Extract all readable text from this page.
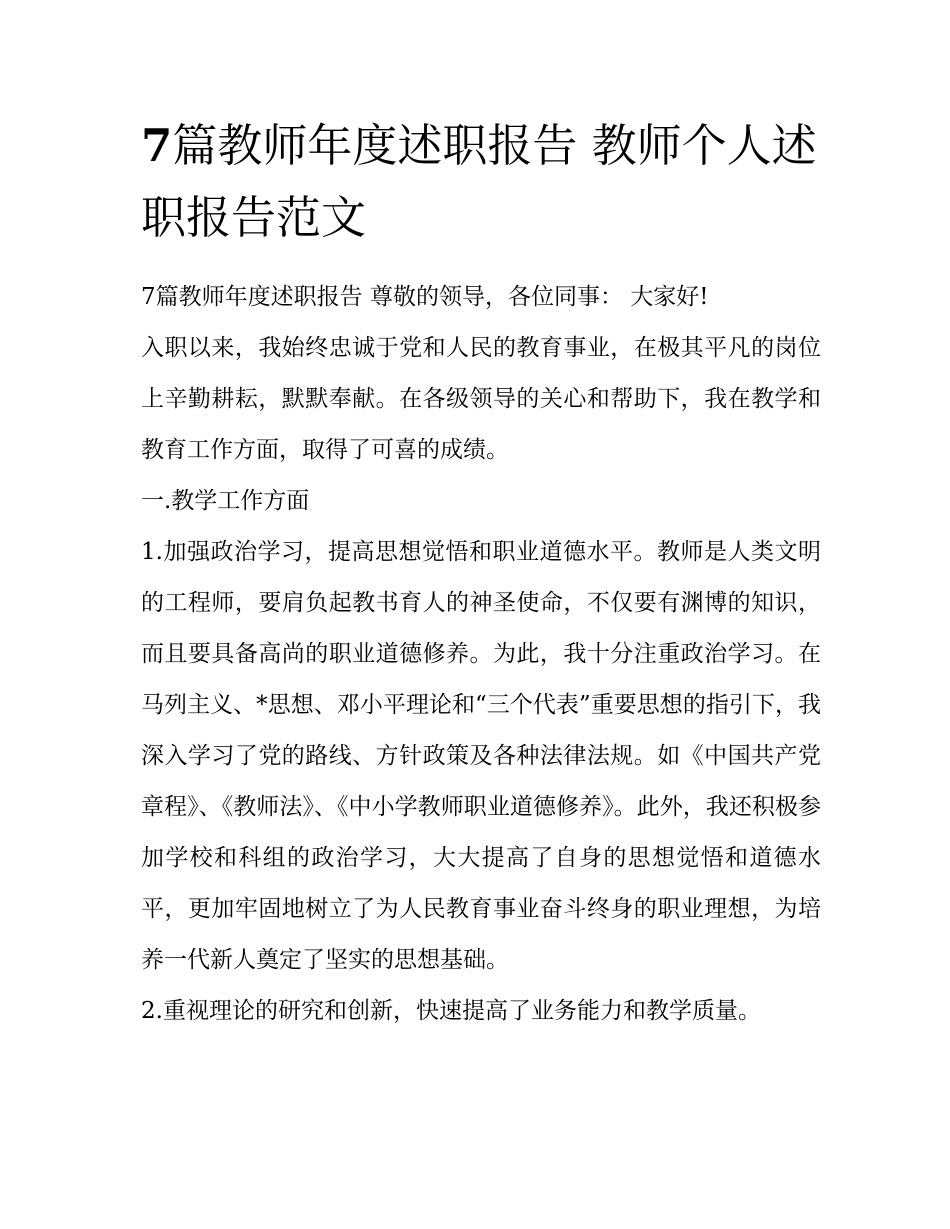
7篇教师年度述职报告 教师个人述职报告范文

7篇教师年度述职报告 尊敬的领导，各位同事： 大家好!

入职以来，我始终忠诚于党和人民的教育事业，在极其平凡的岗位上辛勤耕耘，默默奉献。在各级领导的关心和帮助下，我在教学和教育工作方面，取得了可喜的成绩。

一.教学工作方面

1.加强政治学习，提高思想觉悟和职业道德水平。教师是人类文明的工程师，要肩负起教书育人的神圣使命，不仅要有渊博的知识，而且要具备高尚的职业道德修养。为此，我十分注重政治学习。在马列主义、*思想、邓小平理论和“三个代表”重要思想的指引下，我深入学习了党的路线、方针政策及各种法律法规。如《中国共产党章程》、《教师法》、《中小学教师职业道德修养》。此外，我还积极参加学校和科组的政治学习，大大提高了自身的思想觉悟和道德水平，更加牢固地树立了为人民教育事业奋斗终身的职业理想，为培养一代新人奠定了坚实的思想基础。

2.重视理论的研究和创新，快速提高了业务能力和教学质量。
